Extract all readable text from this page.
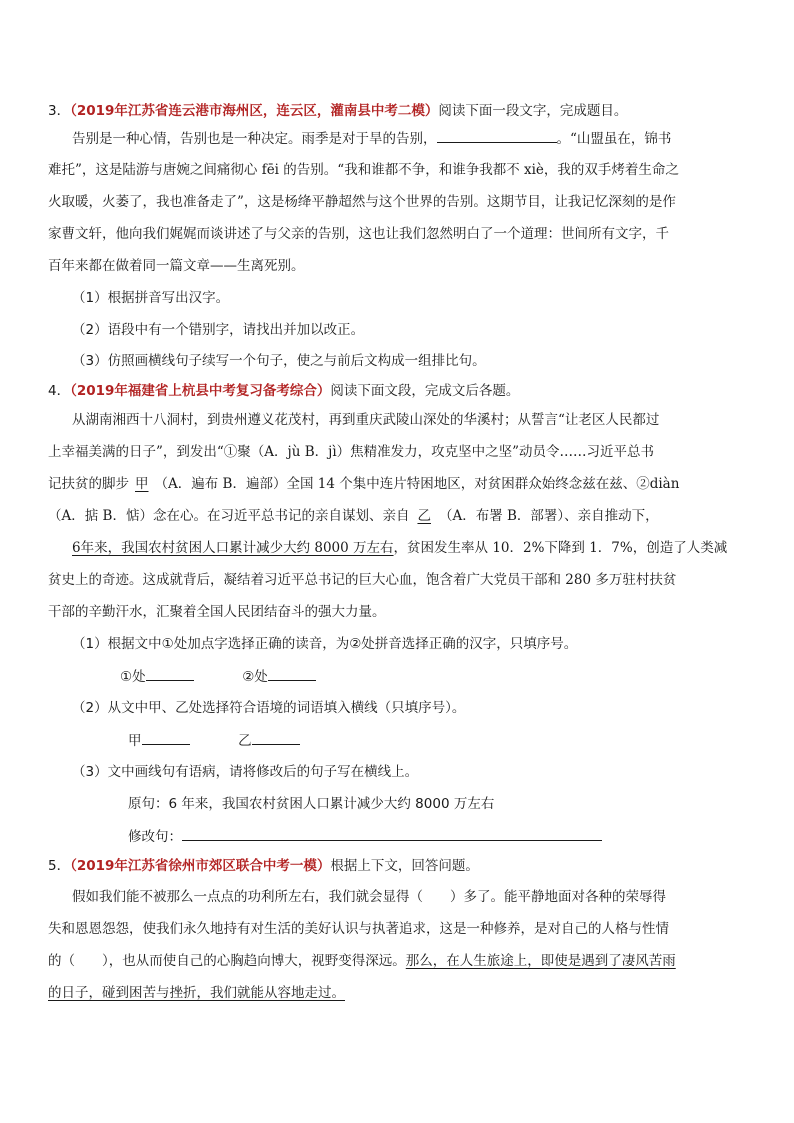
3．（2019年江苏省连云港市海州区，连云区，灌南县中考二模）阅读下面一段文字，完成题目。
告别是一种心情，告别也是一种决定。雨季是对于旱的告别，	。“山盟虽在，锦书
难托”，这是陆游与唐婉之间痛彻心 fēi 的告别。“我和谁都不争，和谁争我都不 xiè，我的双手烤着生命之
火取暖，火萎了，我也准备走了”，这是杨绛平静超然与这个世界的告别。这期节目，让我记忆深刻的是作
家曹文轩，他向我们娓娓而谈讲述了与父亲的告别，这也让我们忽然明白了一个道理：世间所有文字，千
百年来都在做着同一篇文章——生离死别。
（1）根据拼音写出汉字。
（2）语段中有一个错别字，请找出并加以改正。
（3）仿照画横线句子续写一个句子，使之与前后文构成一组排比句。
4．（2019年福建省上杭县中考复习备考综合）阅读下面文段，完成文后各题。
从湖南湘西十八洞村，到贵州遵义花茂村，再到重庆武陵山深处的华溪村；从誓言“让老区人民都过
上幸福美满的日子”，到发出“①聚（A．jù B．jì）焦精准发力，攻克坚中之坚”动员令……习近平总书
记扶贫的脚步 甲 （A．遍布 B．遍部）全国 14 个集中连片特困地区，对贫困群众始终念兹在兹、②diàn
（A．掂 B．惦）念在心。在习近平总书记的亲自谋划、亲自 乙 （A．布署 B．部署）、亲自推动下，
6年来，我国农村贫困人口累计减少大约 8000 万左右，贫困发生率从 10．2%下降到 1．7%，创造了人类减
贫史上的奇迹。这成就背后，凝结着习近平总书记的巨大心血，饱含着广大党员干部和 280 多万驻村扶贫
干部的辛勤汗水，汇聚着全国人民团结奋斗的强大力量。
（1）根据文中①处加点字选择正确的读音，为②处拼音选择正确的汉字，只填序号。
①处	②处
（2）从文中甲、乙处选择符合语境的词语填入横线（只填序号）。
甲	乙
（3）文中画线句有语病，请将修改后的句子写在横线上。
原句：6 年来，我国农村贫困人口累计减少大约 8000 万左右
修改句：
5．（2019年江苏省徐州市郊区联合中考一模）根据上下文，回答问题。
假如我们能不被那么一点点的功利所左右，我们就会显得（　　）多了。能平静地面对各种的荣辱得
失和恩恩怨怨，使我们永久地持有对生活的美好认识与执著追求，这是一种修养，是对自己的人格与性情
的（　　），也从而使自己的心胸趋向博大，视野变得深远。那么，在人生旅途上，即使是遇到了凄风苦雨
的日子，碰到困苦与挫折，我们就能从容地走过。
